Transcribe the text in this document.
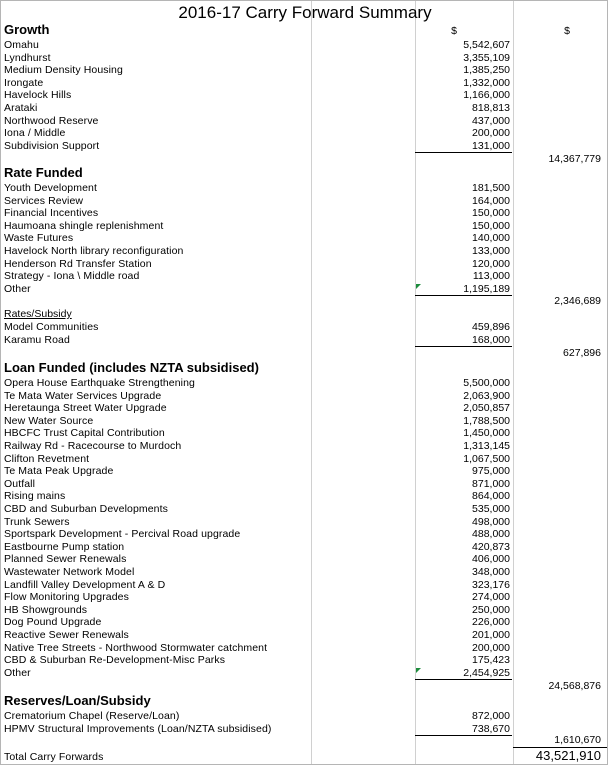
2016-17 Carry Forward Summary
$	$
Growth
Omahu	5,542,607
Lyndhurst	3,355,109
Medium Density Housing	1,385,250
Irongate	1,332,000
Havelock Hills	1,166,000
Arataki	818,813
Northwood Reserve	437,000
Iona / Middle	200,000
Subdivision Support	131,000
14,367,779
Rate Funded
Youth Development	181,500
Services Review	164,000
Financial Incentives	150,000
Haumoana shingle replenishment	150,000
Waste Futures	140,000
Havelock North library reconfiguration	133,000
Henderson Rd Transfer Station	120,000
Strategy - Iona \ Middle road	113,000
Other	1,195,189
2,346,689
Rates/Subsidy
Model Communities	459,896
Karamu Road	168,000
627,896
Loan Funded (includes NZTA subsidised)
Opera House Earthquake Strengthening	5,500,000
Te Mata Water Services Upgrade	2,063,900
Heretaunga Street Water Upgrade	2,050,857
New Water Source	1,788,500
HBCFC Trust Capital Contribution	1,450,000
Railway Rd - Racecourse to Murdoch	1,313,145
Clifton Revetment	1,067,500
Te Mata Peak Upgrade	975,000
Outfall	871,000
Rising mains	864,000
CBD and Suburban Developments	535,000
Trunk Sewers	498,000
Sportspark Development - Percival Road upgrade	488,000
Eastbourne Pump station	420,873
Planned Sewer Renewals	406,000
Wastewater Network Model	348,000
Landfill Valley Development A & D	323,176
Flow Monitoring Upgrades	274,000
HB Showgrounds	250,000
Dog Pound Upgrade	226,000
Reactive Sewer Renewals	201,000
Native Tree Streets - Northwood Stormwater catchment	200,000
CBD & Suburban Re-Development-Misc Parks	175,423
Other	2,454,925
24,568,876
Reserves/Loan/Subsidy
Crematorium Chapel (Reserve/Loan)	872,000
HPMV Structural Improvements (Loan/NZTA subsidised)	738,670
1,610,670
Total Carry Forwards	43,521,910
